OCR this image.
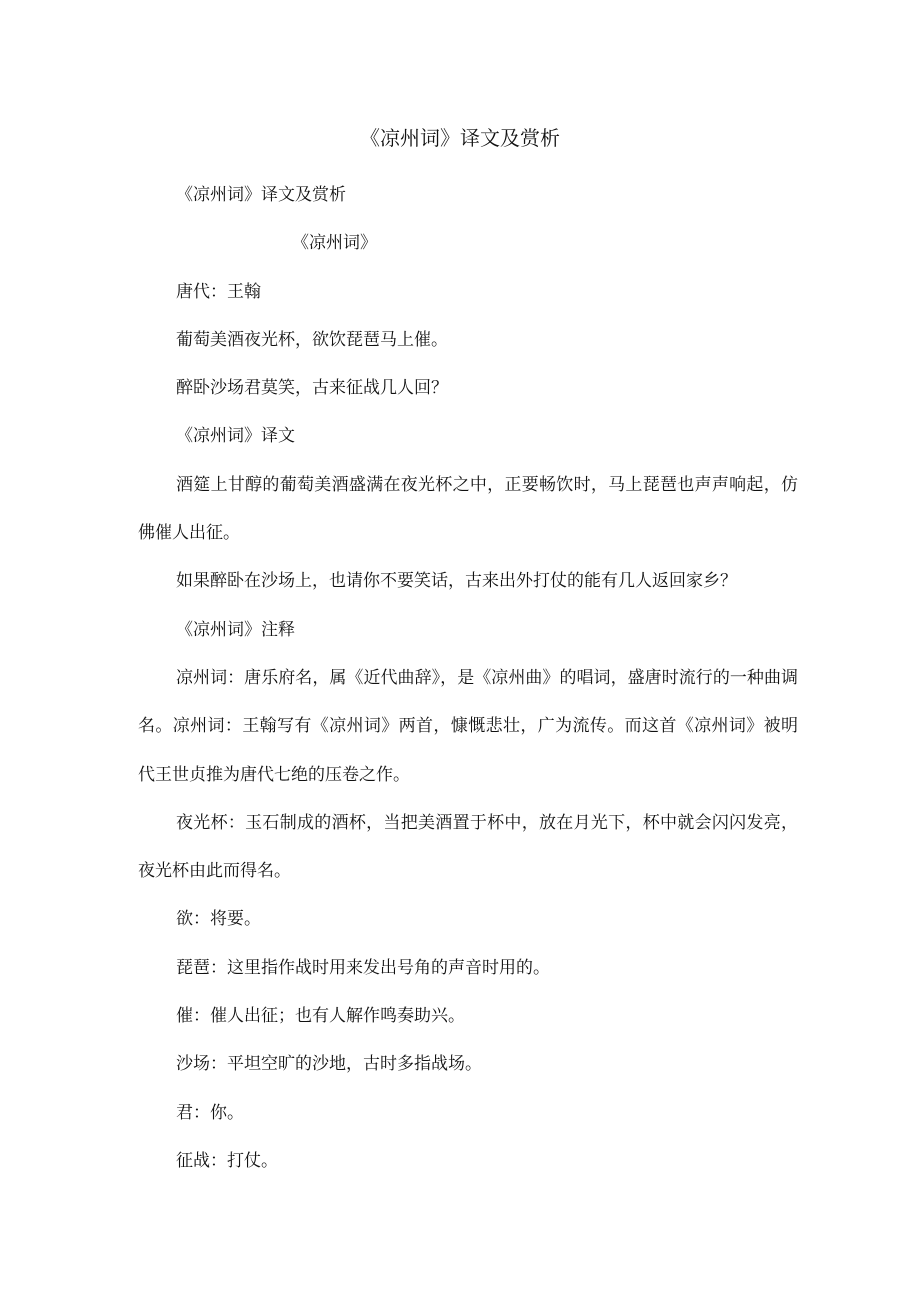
《凉州词》译文及赏析

《凉州词》译文及赏析

《凉州词》

唐代：王翰

葡萄美酒夜光杯，欲饮琵琶马上催。

醉卧沙场君莫笑，古来征战几人回？

《凉州词》译文

酒筵上甘醇的葡萄美酒盛满在夜光杯之中，正要畅饮时，马上琵琶也声声响起，仿佛催人出征。

如果醉卧在沙场上，也请你不要笑话，古来出外打仗的能有几人返回家乡？

《凉州词》注释

凉州词：唐乐府名，属《近代曲辞》，是《凉州曲》的唱词，盛唐时流行的一种曲调名。凉州词：王翰写有《凉州词》两首，慷慨悲壮，广为流传。而这首《凉州词》被明代王世贞推为唐代七绝的压卷之作。

夜光杯：玉石制成的酒杯，当把美酒置于杯中，放在月光下，杯中就会闪闪发亮，夜光杯由此而得名。

欲：将要。

琵琶：这里指作战时用来发出号角的声音时用的。

催：催人出征；也有人解作鸣奏助兴。

沙场：平坦空旷的沙地，古时多指战场。

君：你。

征战：打仗。
